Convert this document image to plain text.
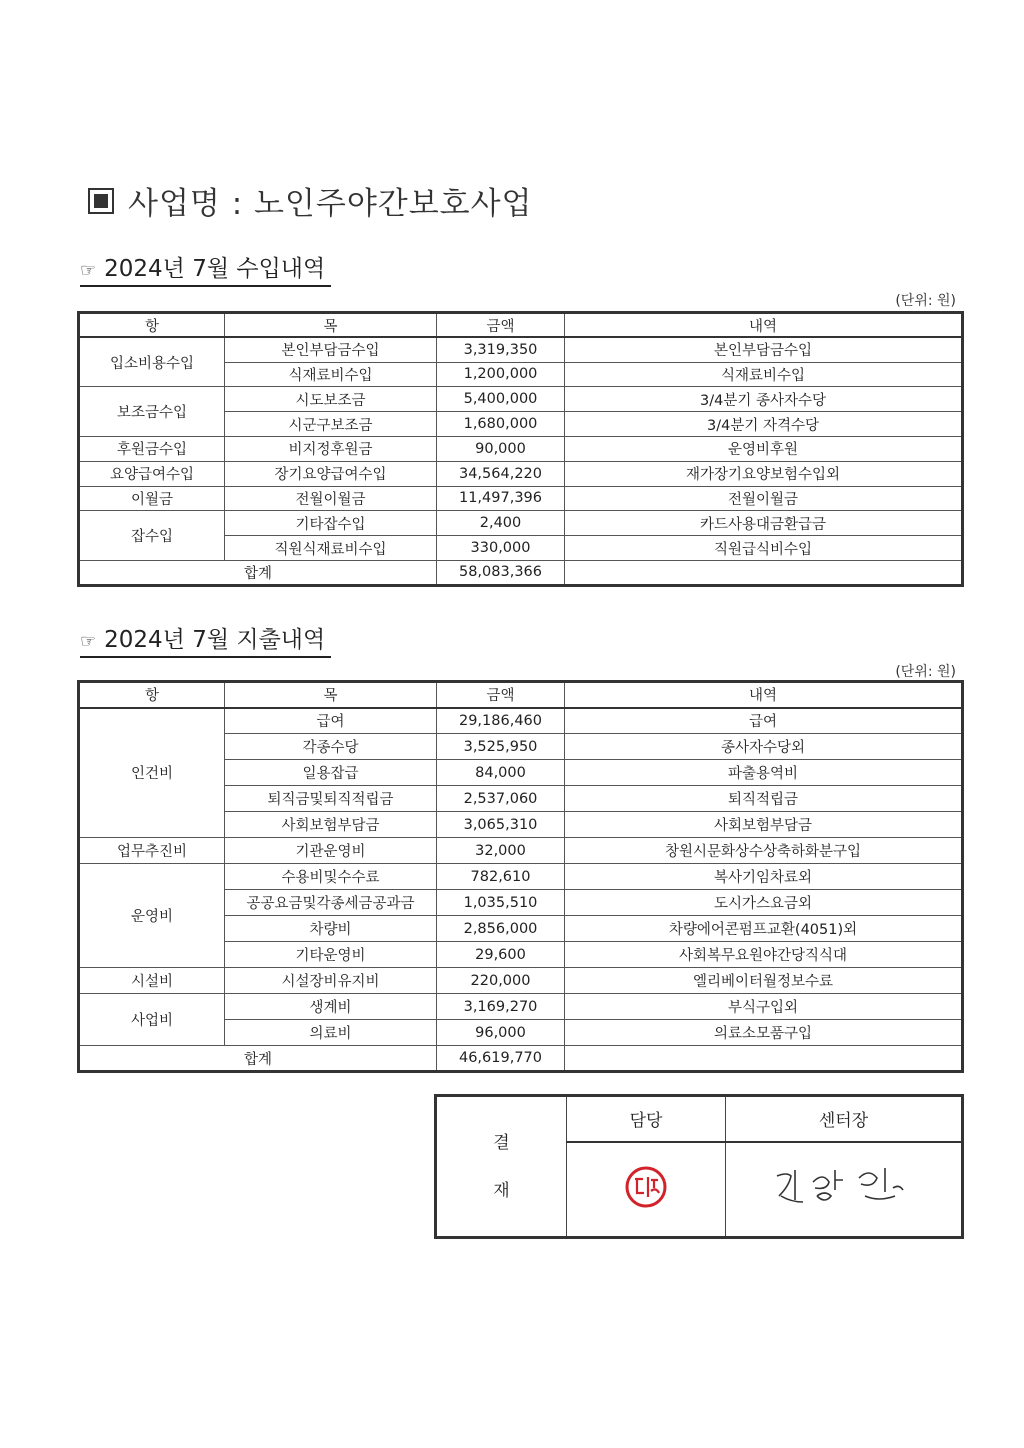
사업명 : 노인주야간보호사업
☞ 2024년 7월 수입내역
(단위: 원)
항	목	금액	내역
입소비용수입	본인부담금수입	3,319,350	본인부담금수입
	식재료비수입	1,200,000	식재료비수입
보조금수입	시도보조금	5,400,000	3/4분기 종사자수당
	시군구보조금	1,680,000	3/4분기 자격수당
후원금수입	비지정후원금	90,000	운영비후원
요양급여수입	장기요양급여수입	34,564,220	재가장기요양보험수입외
이월금	전월이월금	11,497,396	전월이월금
잡수입	기타잡수입	2,400	카드사용대금환급금
	직원식재료비수입	330,000	직원급식비수입
합계		58,083,366	
☞ 2024년 7월 지출내역
(단위: 원)
항	목	금액	내역
인건비	급여	29,186,460	급여
	각종수당	3,525,950	종사자수당외
	일용잡급	84,000	파출용역비
	퇴직금및퇴직적립금	2,537,060	퇴직적립금
	사회보험부담금	3,065,310	사회보험부담금
업무추진비	기관운영비	32,000	창원시문화상수상축하화분구입
운영비	수용비및수수료	782,610	복사기임차료외
	공공요금및각종세금공과금	1,035,510	도시가스요금외
	차량비	2,856,000	차량에어콘펌프교환(4051)외
	기타운영비	29,600	사회복무요원야간당직식대
시설비	시설장비유지비	220,000	엘리베이터월정보수료
사업비	생계비	3,169,270	부식구입외
	의료비	96,000	의료소모품구입
합계		46,619,770	
결
재	담당	센터장
